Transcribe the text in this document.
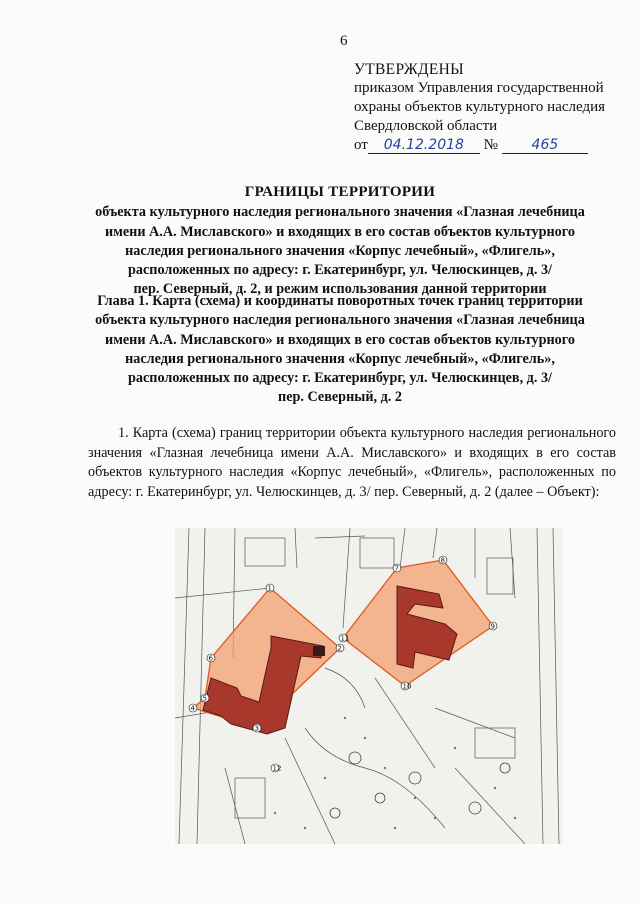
6
УТВЕРЖДЕНЫ
приказом Управления государственной
охраны объектов культурного наследия
Свердловской области
от 04.12.2018 № 465
ГРАНИЦЫ ТЕРРИТОРИИ
объекта культурного наследия регионального значения «Глазная лечебница
имени А.А. Миславского» и входящих в его состав объектов культурного
наследия регионального значения «Корпус лечебный», «Флигель»,
расположенных по адресу: г. Екатеринбург, ул. Челюскинцев, д. 3/
пер. Северный, д. 2, и режим использования данной территории
Глава 1. Карта (схема) и координаты поворотных точек границ территории
объекта культурного наследия регионального значения «Глазная лечебница
имени А.А. Миславского» и входящих в его состав объектов культурного
наследия регионального значения «Корпус лечебный», «Флигель»,
расположенных по адресу: г. Екатеринбург, ул. Челюскинцев, д. 3/
пер. Северный, д. 2
1. Карта (схема) границ территории объекта культурного наследия регионального значения «Глазная лечебница имени А.А. Миславского» и входящих в его состав объектов культурного наследия «Корпус лечебный», «Флигель», расположенных по адресу: г. Екатеринбург, ул. Челюскинцев, д. 3/ пер. Северный, д. 2 (далее – Объект):
1
2
3
4
5
6
7
8
9
10
11
12
